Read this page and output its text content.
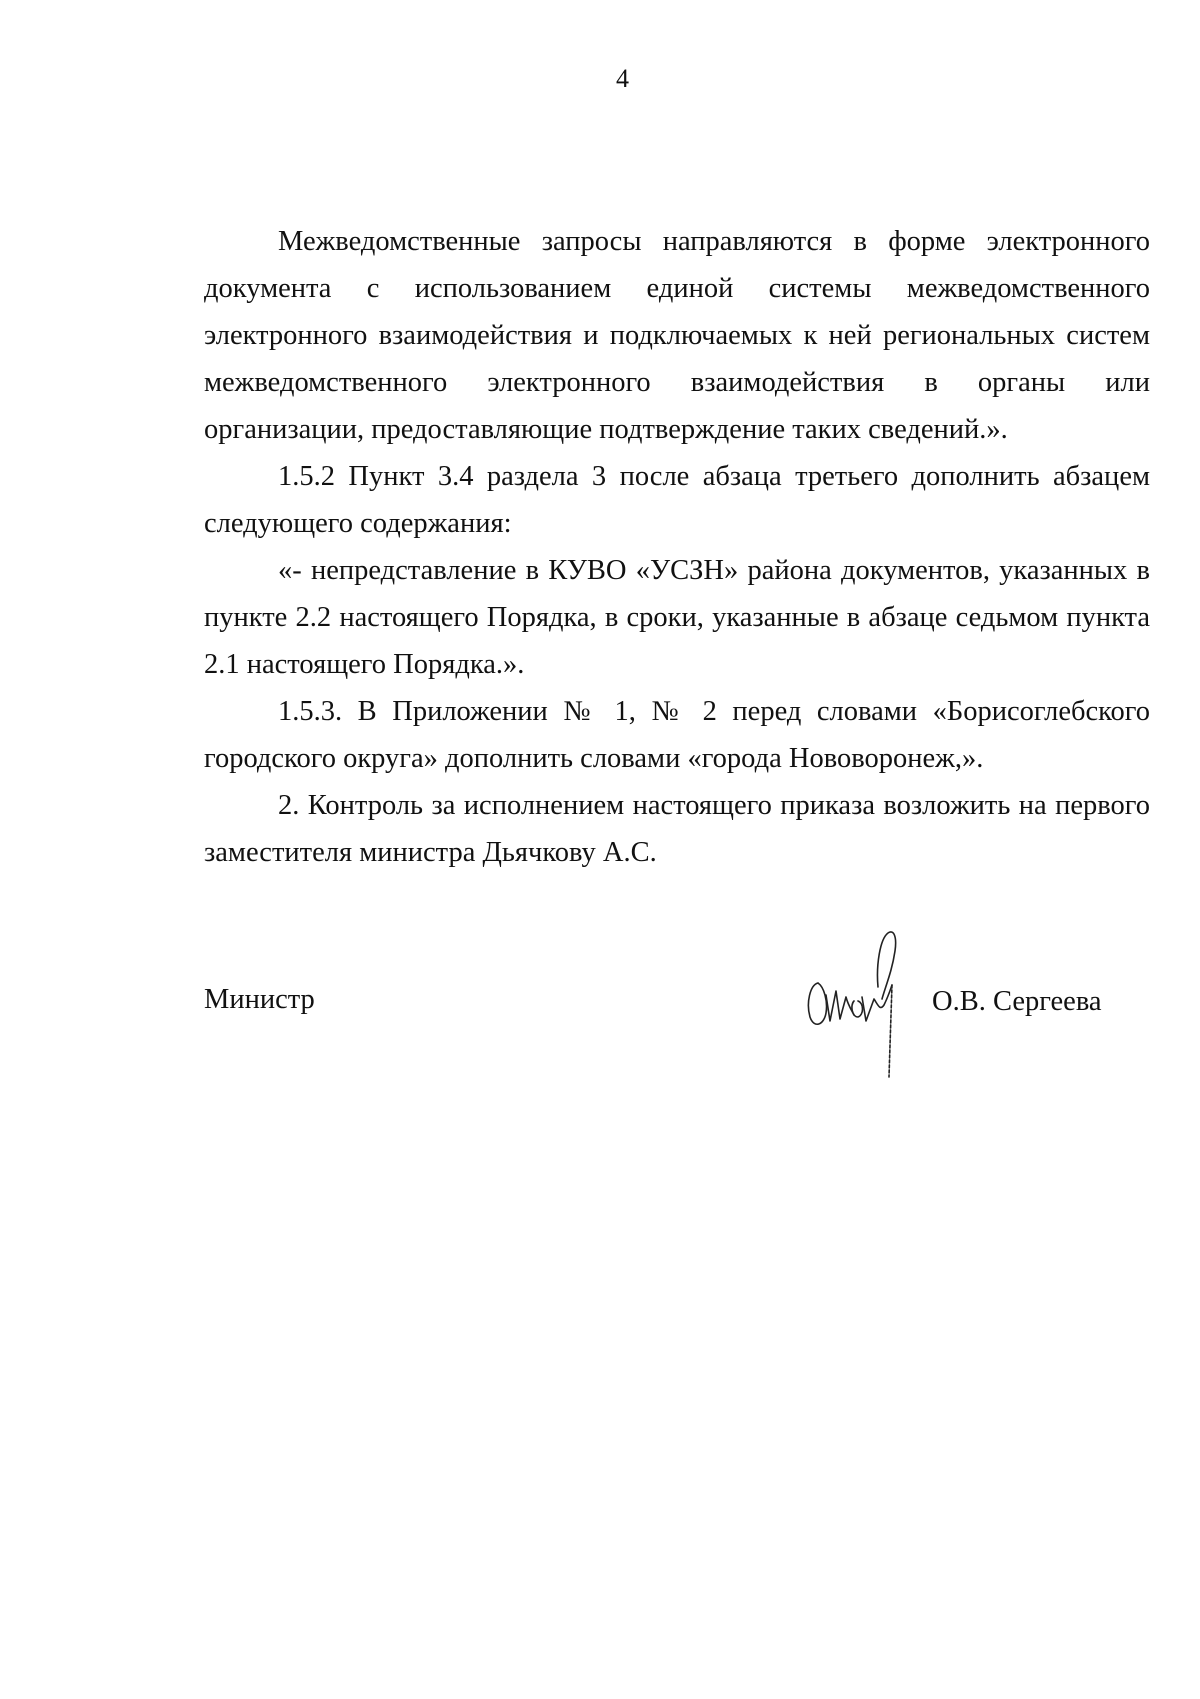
4

Межведомственные запросы направляются в форме электронного документа с использованием единой системы межведомственного электронного взаимодействия и подключаемых к ней региональных систем межведомственного электронного взаимодействия в органы или организации, предоставляющие подтверждение таких сведений.».

1.5.2 Пункт 3.4 раздела 3 после абзаца третьего дополнить абзацем следующего содержания:

«- непредставление в КУВО «УСЗН» района документов, указанных в пункте 2.2 настоящего Порядка, в сроки, указанные в абзаце седьмом пункта 2.1 настоящего Порядка.».

1.5.3. В Приложении № 1, № 2 перед словами «Борисоглебского городского округа» дополнить словами «города Нововоронеж,».

2. Контроль за исполнением настоящего приказа возложить на первого заместителя министра Дьячкову А.С.

Министр	О.В. Сергеева
